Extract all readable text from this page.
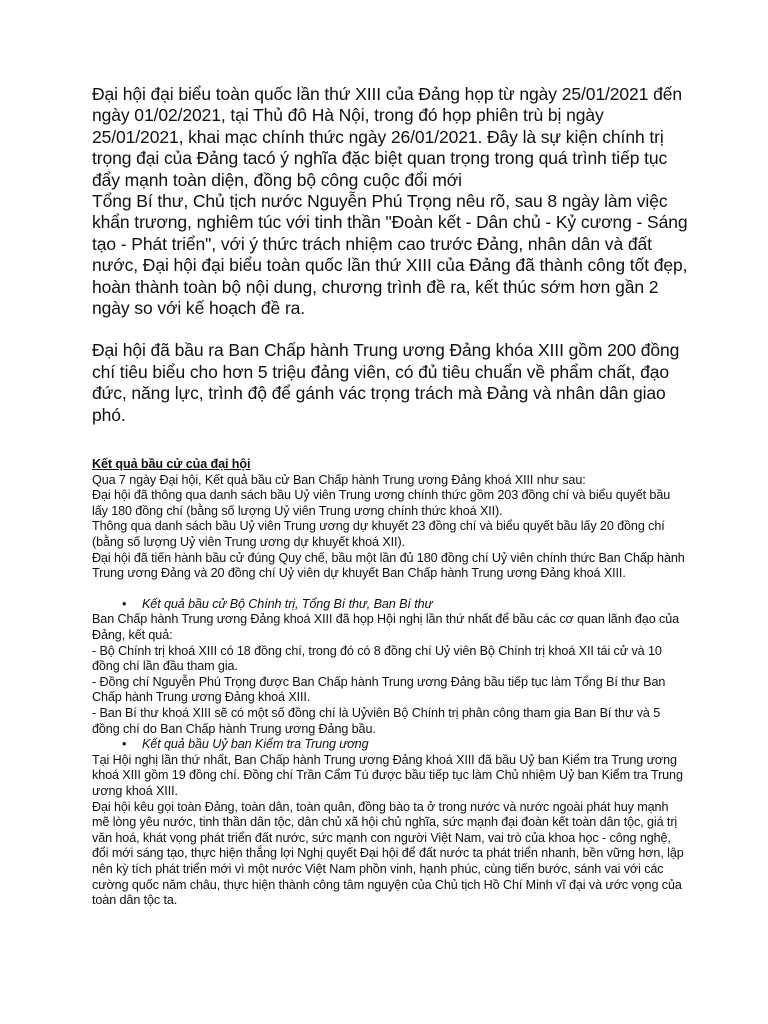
Đại hội đại biểu toàn quốc lần thứ XIII của Đảng họp từ ngày 25/01/2021 đến ngày 01/02/2021, tại Thủ đô Hà Nội, trong đó họp phiên trù bị ngày 25/01/2021, khai mạc chính thức ngày 26/01/2021. Đây là sự kiện chính trị trọng đại của Đảng tacó ý nghĩa đặc biệt quan trọng trong quá trình tiếp tục đẩy mạnh toàn diện, đồng bộ công cuộc đổi mới

Tổng Bí thư, Chủ tịch nước Nguyễn Phú Trọng nêu rõ, sau 8 ngày làm việc khẩn trương, nghiêm túc với tinh thần "Đoàn kết - Dân chủ - Kỷ cương - Sáng tạo - Phát triển", với ý thức trách nhiệm cao trước Đảng, nhân dân và đất nước, Đại hội đại biểu toàn quốc lần thứ XIII của Đảng đã thành công tốt đẹp, hoàn thành toàn bộ nội dung, chương trình đề ra, kết thúc sớm hơn gần 2 ngày so với kế hoạch đề ra.

Đại hội đã bầu ra Ban Chấp hành Trung ương Đảng khóa XIII gồm 200 đồng chí tiêu biểu cho hơn 5 triệu đảng viên, có đủ tiêu chuẩn về phẩm chất, đạo đức, năng lực, trình độ để gánh vác trọng trách mà Đảng và nhân dân giao phó.

Kết quả bầu cử của đại hội

Qua 7 ngày Đại hội, Kết quả bầu cử Ban Chấp hành Trung ương Đảng khoá XIII như sau:

Đại hội đã thông qua danh sách bầu Uỷ viên Trung ương chính thức gồm 203 đồng chí và biểu quyết bầu lấy 180 đồng chí (bằng số lượng Uỷ viên Trung ương chính thức khoá XII).

Thông qua danh sách bầu Uỷ viên Trung ương dự khuyết 23 đồng chí và biểu quyết bầu lấy 20 đồng chí (bằng số lượng Uỷ viên Trung ương dự khuyết khoá XII).

Đại hội đã tiến hành bầu cử đúng Quy chế, bầu một lần đủ 180 đồng chí Uỷ viên chính thức Ban Chấp hành Trung ương Đảng và 20 đồng chí Uỷ viên dự khuyết Ban Chấp hành Trung ương Đảng khoá XIII.

• Kết quả bầu cử Bộ Chính trị, Tổng Bí thư, Ban Bí thư

Ban Chấp hành Trung ương Đảng khoá XIII đã họp Hội nghị lần thứ nhất để bầu các cơ quan lãnh đạo của Đảng, kết quả:

- Bộ Chính trị khoá XIII có 18 đồng chí, trong đó có 8 đồng chí Uỷ viên Bộ Chính trị khoá XII tái cử và 10 đồng chí lần đầu tham gia.

- Đồng chí Nguyễn Phú Trọng được Ban Chấp hành Trung ương Đảng bầu tiếp tục làm Tổng Bí thư Ban Chấp hành Trung ương Đảng khoá XIII.

- Ban Bí thư khoá XIII sẽ có một số đồng chí là Uỷviên Bộ Chính trị phân công tham gia Ban Bí thư và 5 đồng chí do Ban Chấp hành Trung ương Đảng bầu.

• Kết quả bầu Uỷ ban Kiểm tra Trung ương

Tại Hội nghị lần thứ nhất, Ban Chấp hành Trung ương Đảng khoá XIII đã bầu Uỷ ban Kiểm tra Trung ương khoá XIII gồm 19 đồng chí. Đồng chí Trần Cẩm Tú được bầu tiếp tục làm Chủ nhiệm Uỷ ban Kiểm tra Trung ương khoá XIII.

Đại hội kêu gọi toàn Đảng, toàn dân, toàn quân, đồng bào ta ở trong nước và nước ngoài phát huy mạnh mẽ lòng yêu nước, tinh thần dân tộc, dân chủ xã hội chủ nghĩa, sức mạnh đại đoàn kết toàn dân tộc, giá trị văn hoá, khát vọng phát triển đất nước, sức mạnh con người Việt Nam, vai trò của khoa học - công nghệ, đổi mới sáng tạo, thực hiện thắng lợi Nghị quyết Đại hội để đất nước ta phát triển nhanh, bền vững hơn, lập nên kỳ tích phát triển mới vì một nước Việt Nam phồn vinh, hạnh phúc, cùng tiến bước, sánh vai với các cường quốc năm châu, thực hiện thành công tâm nguyện của Chủ tịch Hồ Chí Minh vĩ đại và ước vọng của toàn dân tộc ta.
